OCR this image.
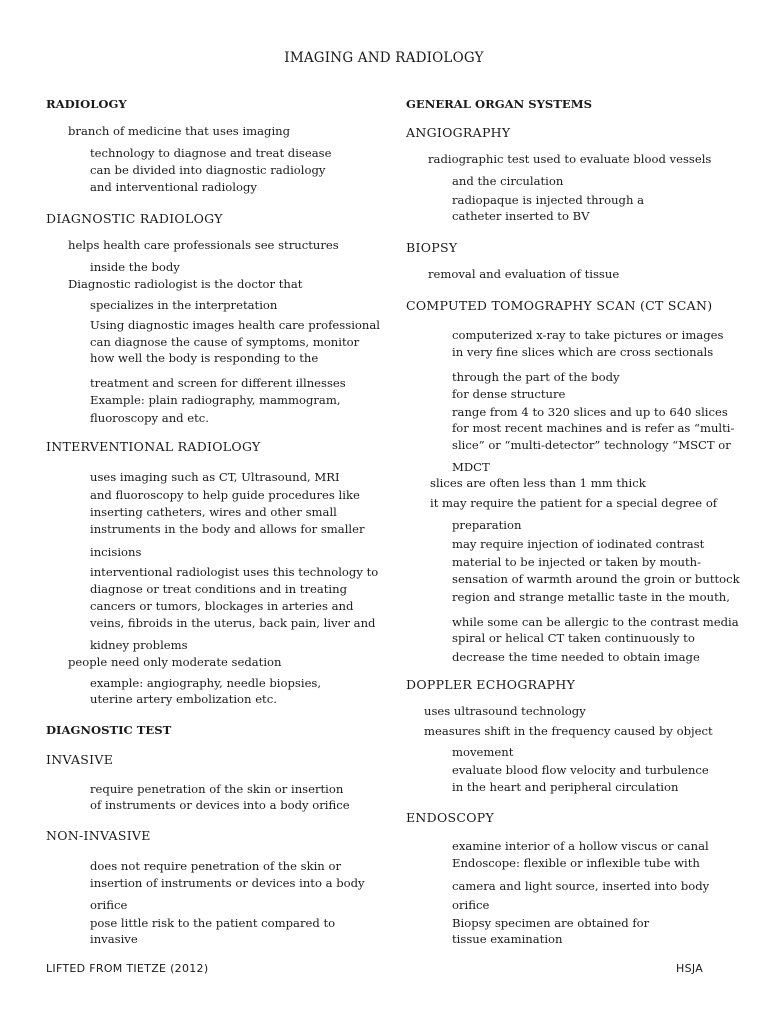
IMAGING AND RADIOLOGY
RADIOLOGY
branch of medicine that uses imaging
technology to diagnose and treat disease
can be divided into diagnostic radiology
and interventional radiology
DIAGNOSTIC RADIOLOGY
helps health care professionals see structures
inside the body
Diagnostic radiologist is the doctor that
specializes in the interpretation
Using diagnostic images health care professional
can diagnose the cause of symptoms, monitor
how well the body is responding to the
treatment and screen for different illnesses
Example: plain radiography, mammogram,
fluoroscopy and etc.
INTERVENTIONAL RADIOLOGY
uses imaging such as CT, Ultrasound, MRI
and fluoroscopy to help guide procedures like
inserting catheters, wires and other small
instruments in the body and allows for smaller
incisions
interventional radiologist uses this technology to
diagnose or treat conditions and in treating
cancers or tumors, blockages in arteries and
veins, fibroids in the uterus, back pain, liver and
kidney problems
people need only moderate sedation
example: angiography, needle biopsies,
uterine artery embolization etc.
DIAGNOSTIC TEST
INVASIVE
require penetration of the skin or insertion
of instruments or devices into a body orifice
NON-INVASIVE
does not require penetration of the skin or
insertion of instruments or devices into a body
orifice
pose little risk to the patient compared to
invasive
GENERAL ORGAN SYSTEMS
ANGIOGRAPHY
radiographic test used to evaluate blood vessels
and the circulation
radiopaque is injected through a
catheter inserted to BV
BIOPSY
removal and evaluation of tissue
COMPUTED TOMOGRAPHY SCAN (CT SCAN)
computerized x-ray to take pictures or images
in very fine slices which are cross sectionals
through the part of the body
for dense structure
range from 4 to 320 slices and up to 640 slices
for most recent machines and is refer as “multi-
slice” or “multi-detector” technology “MSCT or
MDCT
slices are often less than 1 mm thick
it may require the patient for a special degree of
preparation
may require injection of iodinated contrast
material to be injected or taken by mouth-
sensation of warmth around the groin or buttock
region and strange metallic taste in the mouth,
while some can be allergic to the contrast media
spiral or helical CT taken continuously to
decrease the time needed to obtain image
DOPPLER ECHOGRAPHY
uses ultrasound technology
measures shift in the frequency caused by object
movement
evaluate blood flow velocity and turbulence
in the heart and peripheral circulation
ENDOSCOPY
examine interior of a hollow viscus or canal
Endoscope: flexible or inflexible tube with
camera and light source, inserted into body
orifice
Biopsy specimen are obtained for
tissue examination
LIFTED FROM TIETZE (2012)	HSJA
